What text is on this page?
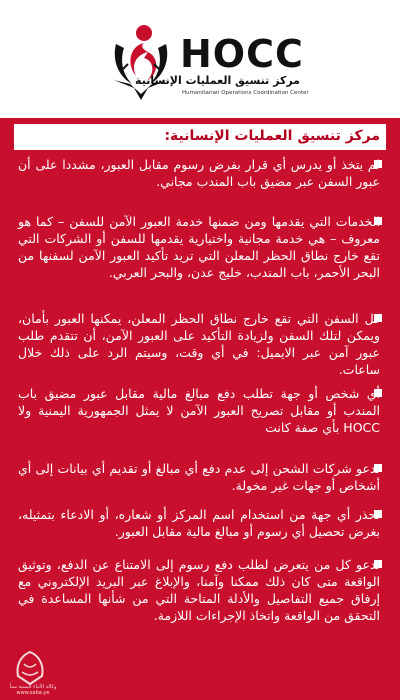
HOCC
مركز تنسيق العمليات الإنسانية
Humanitarian Operations Coordination Center
مركز تنسيق العمليات الإنسانية:
لم يتخذ أو يدرس أي قرار بفرض رسوم مقابل العبور، مشددا على أن عبور السفن عبر مضيق باب المندب مجاني.
الخدمات التي يقدمها ومن ضمنها خدمة العبور الآمن للسفن – كما هو معروف – هي خدمة مجانية واختيارية يقدمها للسفن أو الشركات التي تقع خارج نطاق الحظر المعلن التي تريد تأكيد العبور الآمن لسفنها من البحر الأحمر، باب المندب، خليج عدن، والبحر العربي.
كل السفن التي تقع خارج نطاق الحظر المعلن، يمكنها العبور بأمان، ويمكن لتلك السفن ولزيادة التأكيد على العبور الآمن، أن تتقدم طلب عبور آمن عبر الايميل: في أي وقت، وسيتم الرد على ذلك خلال ساعات.
أي شخص أو جهة تطلب دفع مبالغ مالية مقابل عبور مضيق باب المندب أو مقابل تصريح العبور الآمن لا يمثل الجمهورية اليمنية ولا HOCC بأي صفة كانت
تدعو شركات الشحن إلى عدم دفع أي مبالغ أو تقديم أي بيانات إلى أي أشخاص أو جهات غير مخولة.
تحذر أي جهة من استخدام اسم المركز أو شعاره، أو الادعاء بتمثيله، بغرض تحصيل أي رسوم أو مبالغ مالية مقابل العبور.
تدعو كل من يتعرض لطلب دفع رسوم إلى الامتناع عن الدفع، وتوثيق الواقعة متى كان ذلك ممكنا وآمنا، والإبلاغ عبر البريد الإلكتروني مع إرفاق جميع التفاصيل والأدلة المتاحة التي من شأنها المساعدة في التحقق من الواقعة واتخاذ الإجراءات اللازمة.
وكالة الأنباء اليمنية سبأ
www.saba.ye
